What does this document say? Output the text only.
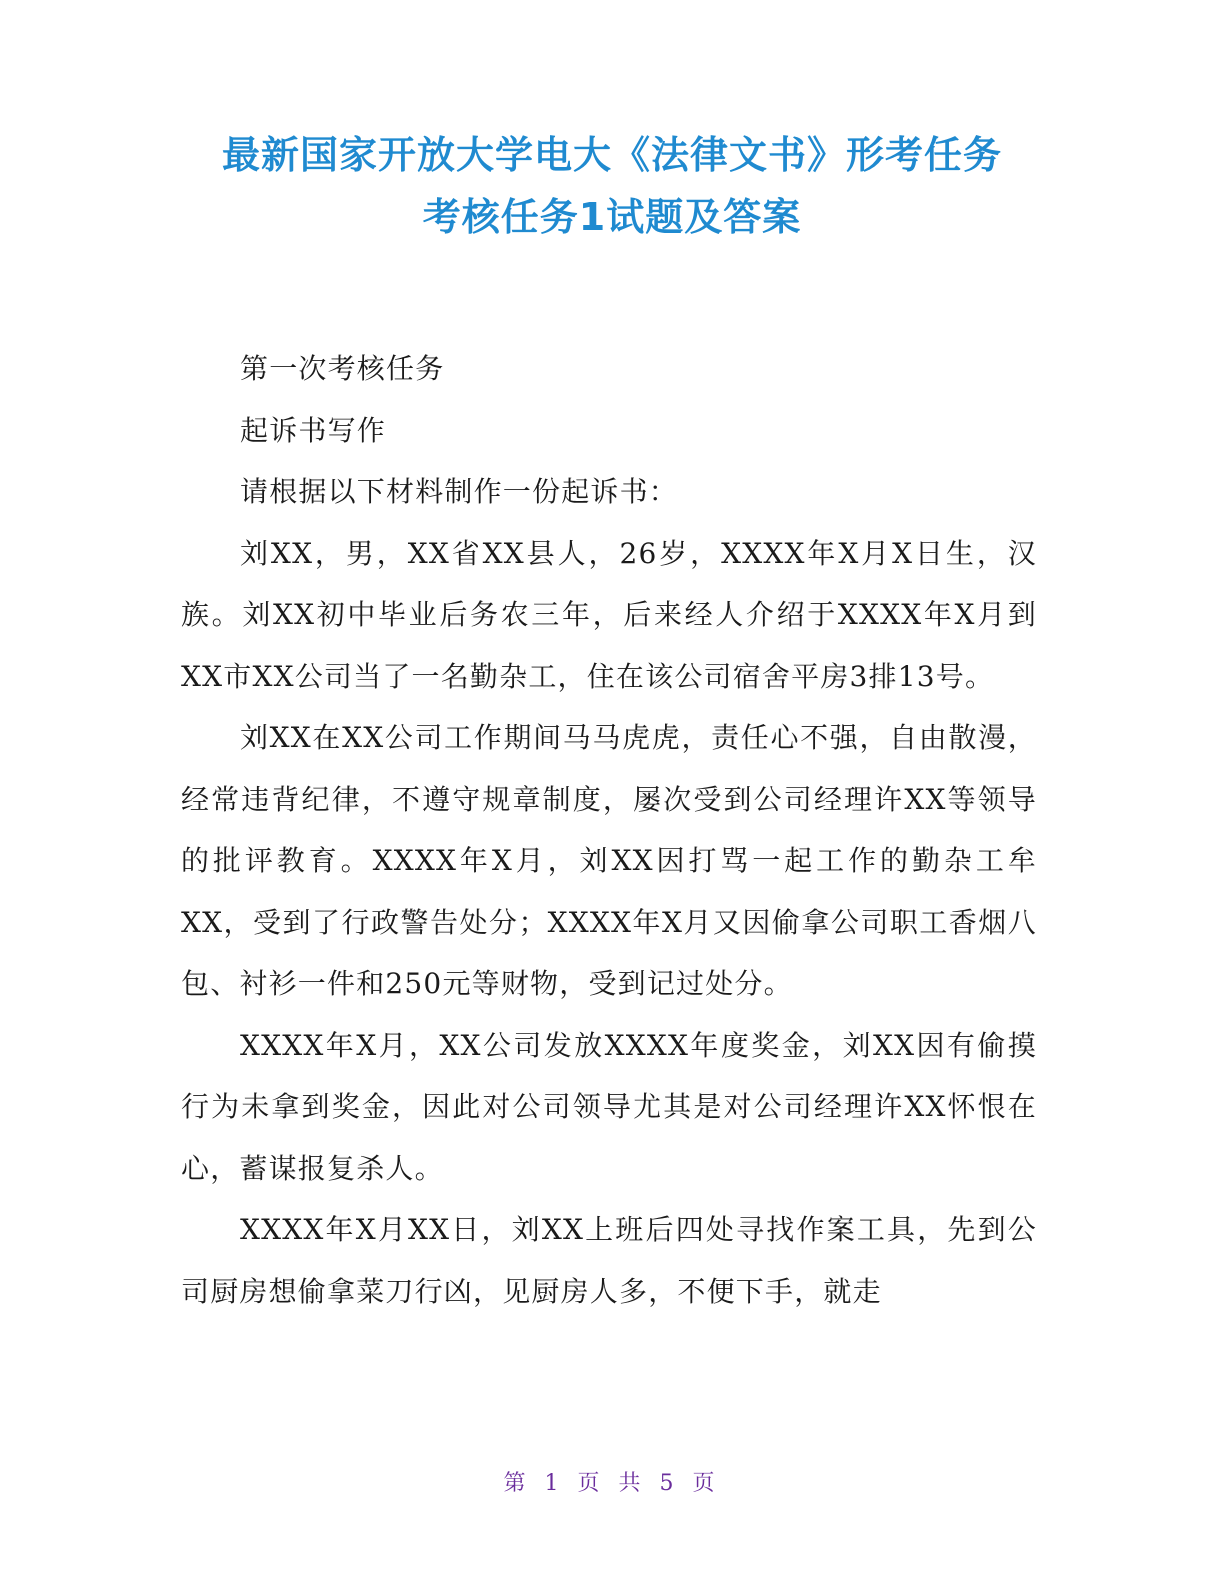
最新国家开放大学电大《法律文书》形考任务
考核任务1试题及答案

第一次考核任务

起诉书写作

请根据以下材料制作一份起诉书：

刘XX，男，XX省XX县人，26岁，XXXX年X月X日生，汉族。刘XX初中毕业后务农三年，后来经人介绍于XXXX年X月到XX市XX公司当了一名勤杂工，住在该公司宿舍平房3排13号。

刘XX在XX公司工作期间马马虎虎，责任心不强，自由散漫，经常违背纪律，不遵守规章制度，屡次受到公司经理许XX等领导的批评教育。XXXX年X月，刘XX因打骂一起工作的勤杂工牟XX，受到了行政警告处分；XXXX年X月又因偷拿公司职工香烟八包、衬衫一件和250元等财物，受到记过处分。

XXXX年X月，XX公司发放XXXX年度奖金，刘XX因有偷摸行为未拿到奖金，因此对公司领导尤其是对公司经理许XX怀恨在心，蓄谋报复杀人。

XXXX年X月XX日，刘XX上班后四处寻找作案工具，先到公司厨房想偷拿菜刀行凶，见厨房人多，不便下手，就走

第 1 页 共 5 页
